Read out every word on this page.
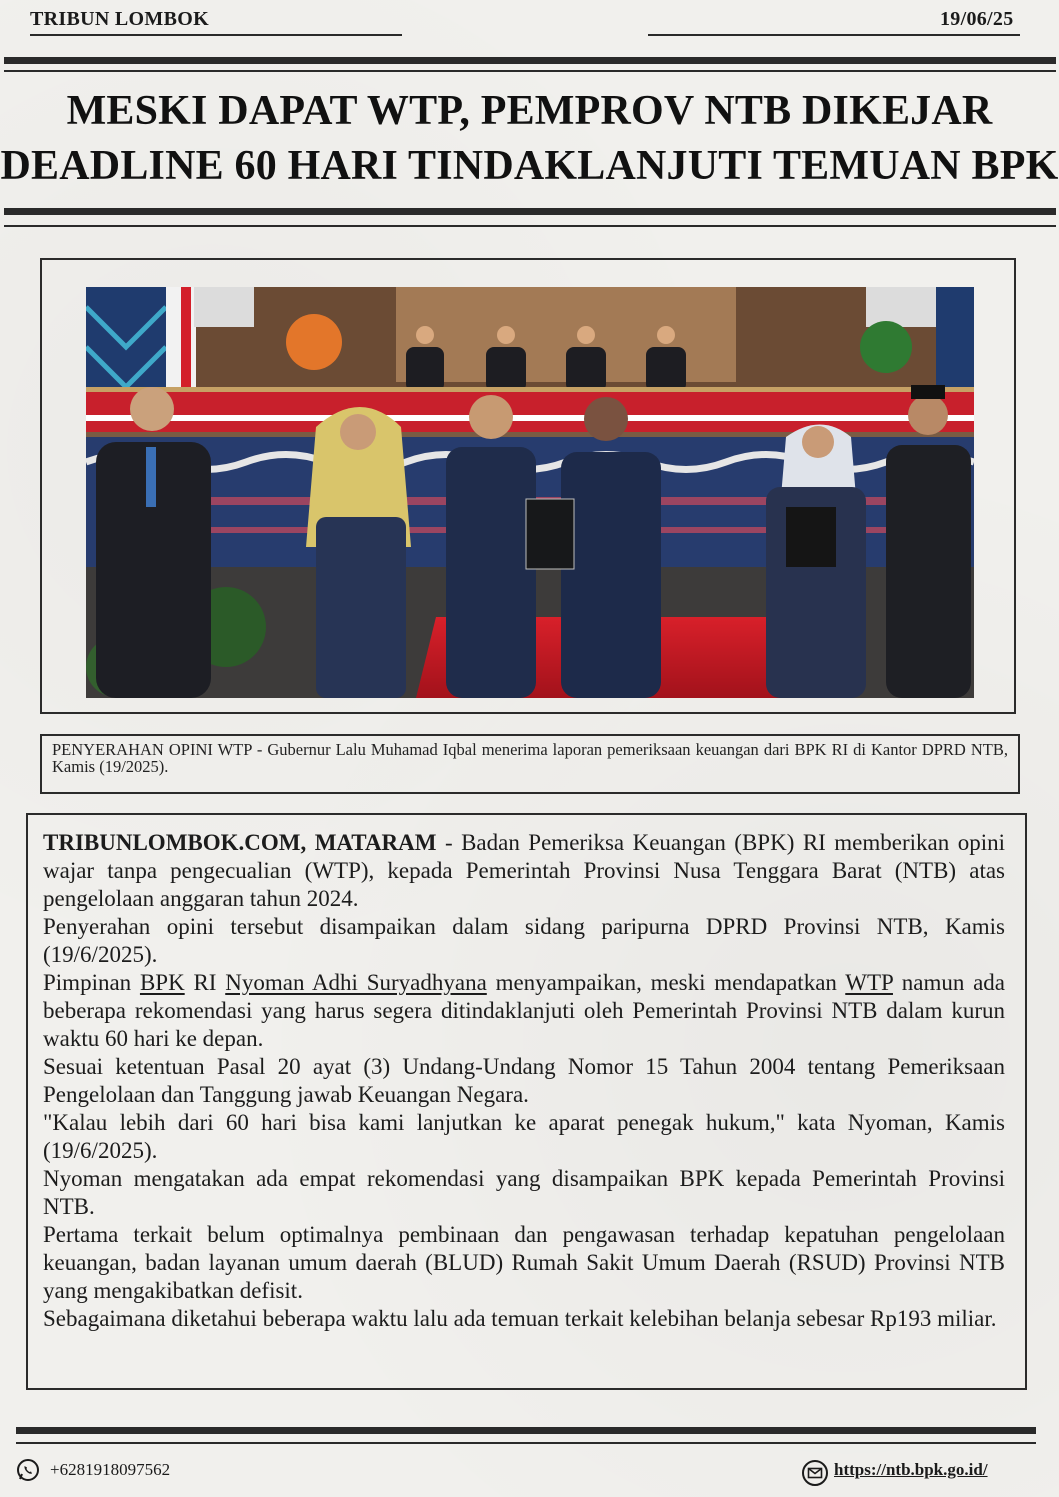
TRIBUN LOMBOK	19/06/25
MESKI DAPAT WTP, PEMPROV NTB DIKEJAR
DEADLINE 60 HARI TINDAKLANJUTI TEMUAN BPK
PENYERAHAN OPINI WTP - Gubernur Lalu Muhamad Iqbal menerima laporan pemeriksaan keuangan dari BPK RI di Kantor DPRD NTB, Kamis (19/2025).

TRIBUNLOMBOK.COM, MATARAM - Badan Pemeriksa Keuangan (BPK) RI memberikan opini wajar tanpa pengecualian (WTP), kepada Pemerintah Provinsi Nusa Tenggara Barat (NTB) atas pengelolaan anggaran tahun 2024.

Penyerahan opini tersebut disampaikan dalam sidang paripurna DPRD Provinsi NTB, Kamis (19/6/2025).

Pimpinan BPK RI Nyoman Adhi Suryadhyana menyampaikan, meski mendapatkan WTP namun ada beberapa rekomendasi yang harus segera ditindaklanjuti oleh Pemerintah Provinsi NTB dalam kurun waktu 60 hari ke depan.

Sesuai ketentuan Pasal 20 ayat (3) Undang-Undang Nomor 15 Tahun 2004 tentang Pemeriksaan Pengelolaan dan Tanggung jawab Keuangan Negara.

"Kalau lebih dari 60 hari bisa kami lanjutkan ke aparat penegak hukum," kata Nyoman, Kamis (19/6/2025).

Nyoman mengatakan ada empat rekomendasi yang disampaikan BPK kepada Pemerintah Provinsi NTB.

Pertama terkait belum optimalnya pembinaan dan pengawasan terhadap kepatuhan pengelolaan keuangan, badan layanan umum daerah (BLUD) Rumah Sakit Umum Daerah (RSUD) Provinsi NTB yang mengakibatkan defisit.

Sebagaimana diketahui beberapa waktu lalu ada temuan terkait kelebihan belanja sebesar Rp193 miliar.

+6281918097562	https://ntb.bpk.go.id/
